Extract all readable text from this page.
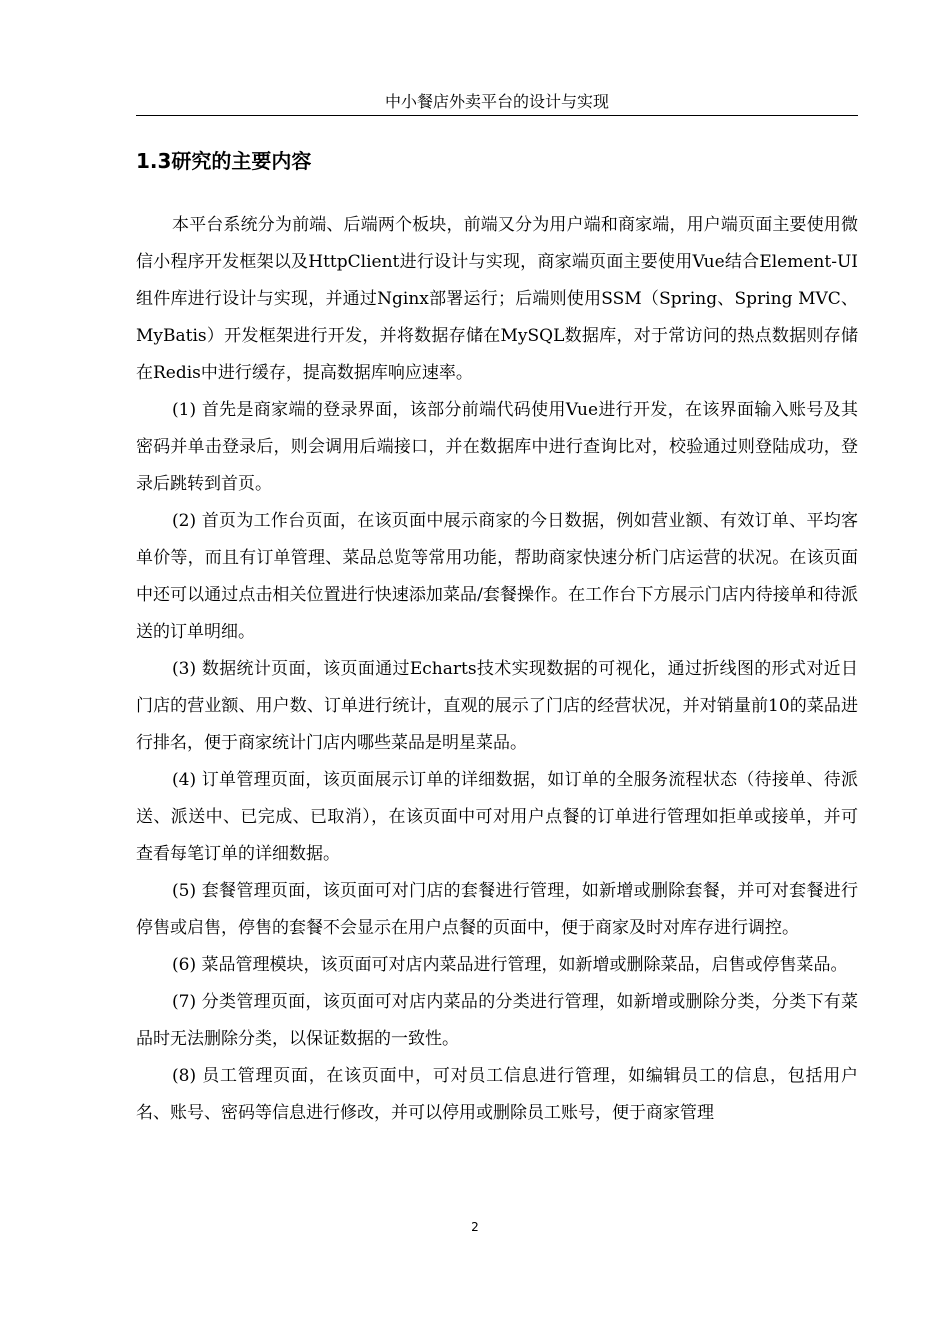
中小餐店外卖平台的设计与实现
1.3研究的主要内容

本平台系统分为前端、后端两个板块，前端又分为用户端和商家端，用户端页面主要使用微信小程序开发框架以及HttpClient进行设计与实现，商家端页面主要使用Vue结合Element-UI组件库进行设计与实现，并通过Nginx部署运行；后端则使用SSM（Spring、Spring MVC、MyBatis）开发框架进行开发，并将数据存储在MySQL数据库，对于常访问的热点数据则存储在Redis中进行缓存，提高数据库响应速率。

(1) 首先是商家端的登录界面，该部分前端代码使用Vue进行开发，在该界面输入账号及其密码并单击登录后，则会调用后端接口，并在数据库中进行查询比对，校验通过则登陆成功，登录后跳转到首页。

(2) 首页为工作台页面，在该页面中展示商家的今日数据，例如营业额、有效订单、平均客单价等，而且有订单管理、菜品总览等常用功能，帮助商家快速分析门店运营的状况。在该页面中还可以通过点击相关位置进行快速添加菜品/套餐操作。在工作台下方展示门店内待接单和待派送的订单明细。

(3) 数据统计页面，该页面通过Echarts技术实现数据的可视化，通过折线图的形式对近日门店的营业额、用户数、订单进行统计，直观的展示了门店的经营状况，并对销量前10的菜品进行排名，便于商家统计门店内哪些菜品是明星菜品。

(4) 订单管理页面，该页面展示订单的详细数据，如订单的全服务流程状态（待接单、待派送、派送中、已完成、已取消），在该页面中可对用户点餐的订单进行管理如拒单或接单，并可查看每笔订单的详细数据。

(5) 套餐管理页面，该页面可对门店的套餐进行管理，如新增或删除套餐，并可对套餐进行停售或启售，停售的套餐不会显示在用户点餐的页面中，便于商家及时对库存进行调控。

(6) 菜品管理模块，该页面可对店内菜品进行管理，如新增或删除菜品，启售或停售菜品。

(7) 分类管理页面，该页面可对店内菜品的分类进行管理，如新增或删除分类，分类下有菜品时无法删除分类，以保证数据的一致性。

(8) 员工管理页面，在该页面中，可对员工信息进行管理，如编辑员工的信息，包括用户名、账号、密码等信息进行修改，并可以停用或删除员工账号，便于商家管理

2
